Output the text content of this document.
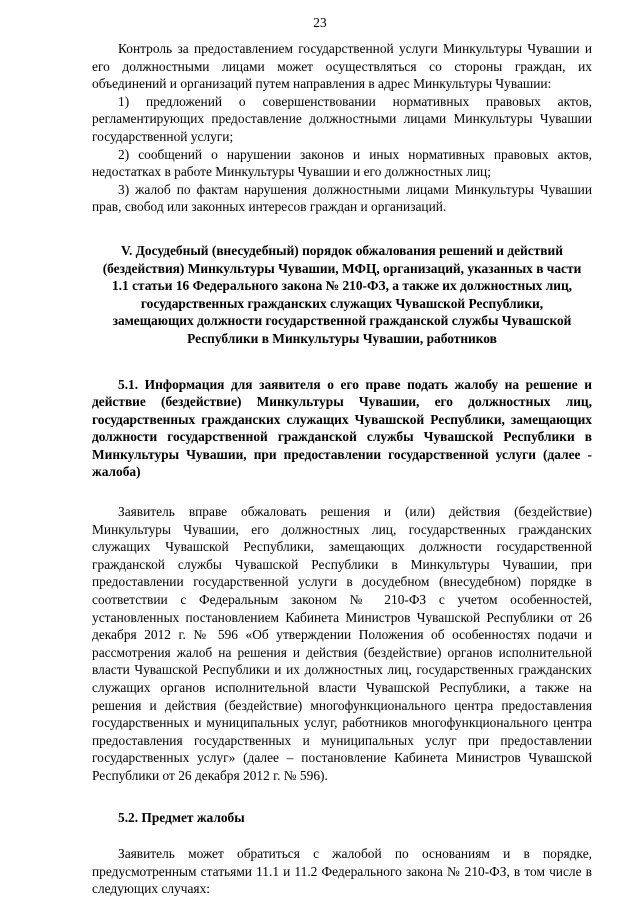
23

Контроль за предоставлением государственной услуги Минкультуры Чувашии и его должностными лицами может осуществляться со стороны граждан, их объединений и организаций путем направления в адрес Минкультуры Чувашии:

1) предложений о совершенствовании нормативных правовых актов, регламентирующих предоставление должностными лицами Минкультуры Чувашии государственной услуги;

2) сообщений о нарушении законов и иных нормативных правовых актов, недостатках в работе Минкультуры Чувашии и его должностных лиц;

3) жалоб по фактам нарушения должностными лицами Минкультуры Чувашии прав, свобод или законных интересов граждан и организаций.

V. Досудебный (внесудебный) порядок обжалования решений и действий (бездействия) Минкультуры Чувашии, МФЦ, организаций, указанных в части 1.1 статьи 16 Федерального закона № 210-ФЗ, а также их должностных лиц, государственных гражданских служащих Чувашской Республики, замещающих должности государственной гражданской службы Чувашской Республики в Минкультуры Чувашии, работников

5.1. Информация для заявителя о его праве подать жалобу на решение и действие (бездействие) Минкультуры Чувашии, его должностных лиц, государственных гражданских служащих Чувашской Республики, замещающих должности государственной гражданской службы Чувашской Республики в Минкультуры Чувашии, при предоставлении государственной услуги (далее - жалоба)

Заявитель вправе обжаловать решения и (или) действия (бездействие) Минкультуры Чувашии, его должностных лиц, государственных гражданских служащих Чувашской Республики, замещающих должности государственной гражданской службы Чувашской Республики в Минкультуры Чувашии, при предоставлении государственной услуги в досудебном (внесудебном) порядке в соответствии с Федеральным законом № 210-ФЗ с учетом особенностей, установленных постановлением Кабинета Министров Чувашской Республики от 26 декабря 2012 г. № 596 «Об утверждении Положения об особенностях подачи и рассмотрения жалоб на решения и действия (бездействие) органов исполнительной власти Чувашской Республики и их должностных лиц, государственных гражданских служащих органов исполнительной власти Чувашской Республики, а также на решения и действия (бездействие) многофункционального центра предоставления государственных и муниципальных услуг, работников многофункционального центра предоставления государственных и муниципальных услуг при предоставлении государственных услуг» (далее – постановление Кабинета Министров Чувашской Республики от 26 декабря 2012 г. № 596).

5.2. Предмет жалобы

Заявитель может обратиться с жалобой по основаниям и в порядке, предусмотренным статьями 11.1 и 11.2 Федерального закона № 210-ФЗ, в том числе в следующих случаях:
